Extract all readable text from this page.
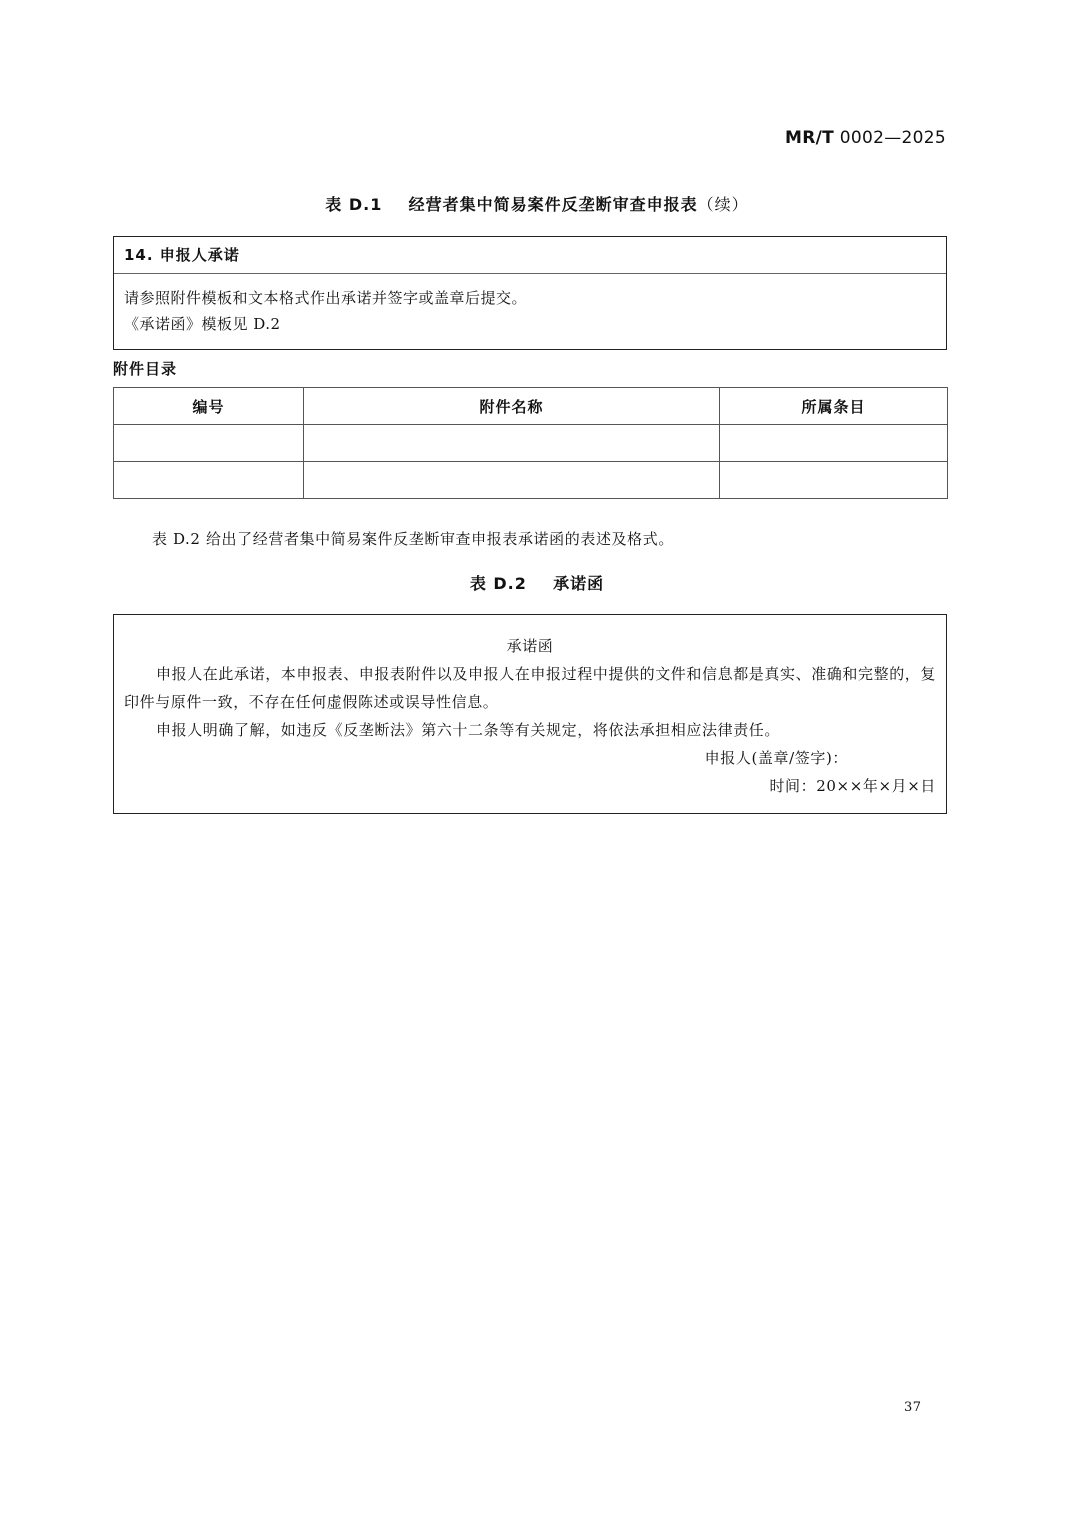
MR/T 0002—2025
表 D.1 经营者集中简易案件反垄断审查申报表（续）
14. 申报人承诺
请参照附件模板和文本格式作出承诺并签字或盖章后提交。
《承诺函》模板见 D.2
附件目录
编号	附件名称	所属条目

表 D.2 给出了经营者集中简易案件反垄断审查申报表承诺函的表述及格式。
表 D.2 承诺函
承诺函
申报人在此承诺，本申报表、申报表附件以及申报人在申报过程中提供的文件和信息都是真实、准确和完整的，复印件与原件一致，不存在任何虚假陈述或误导性信息。
申报人明确了解，如违反《反垄断法》第六十二条等有关规定，将依法承担相应法律责任。
申报人(盖章/签字)：
时间：20××年×月×日
37
